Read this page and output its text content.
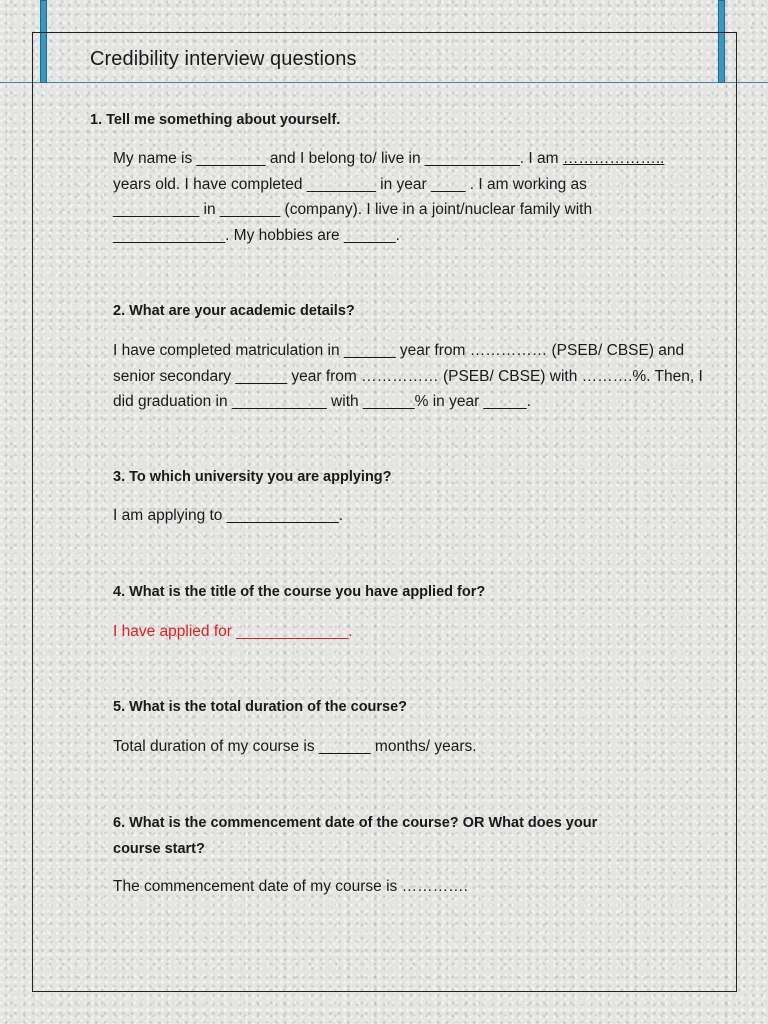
Credibility interview questions
1. Tell me something about yourself.
My name is ________ and I belong to/ live in ___________. I am ………………..
years old. I have completed ________ in year ____ . I am working as
__________ in _______ (company). I live in a joint/nuclear family with
_____________. My hobbies are ______.
2. What are your academic details?
I have completed matriculation in ______ year from …………… (PSEB/ CBSE) and
senior secondary ______ year from …………… (PSEB/ CBSE) with ……….%. Then, I
did graduation in ___________ with ______% in year _____.
3. To which university you are applying?
I am applying to _____________.
4. What is the title of the course you have applied for?
I have applied for _____________.
5. What is the total duration of the course?
Total duration of my course is ______ months/ years.
6. What is the commencement date of the course? OR What does your
course start?
The commencement date of my course is ………….
